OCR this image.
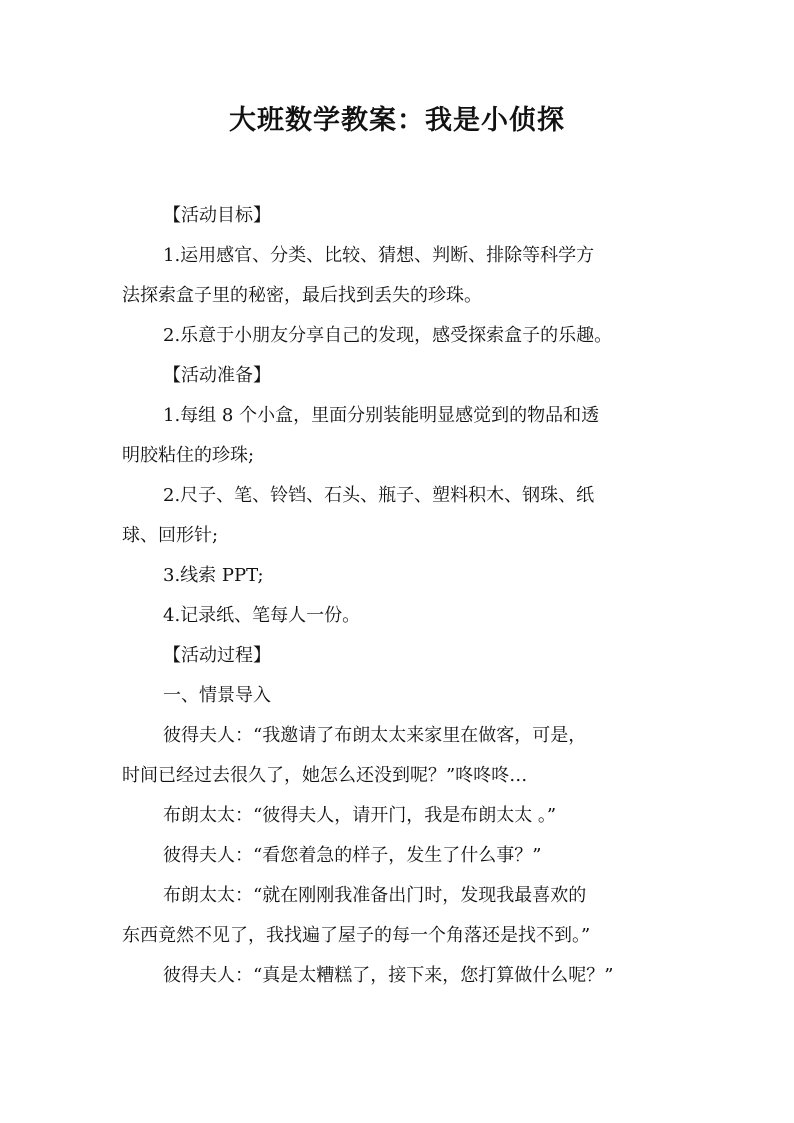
大班数学教案：我是小侦探

【活动目标】

1.运用感官、分类、比较、猜想、判断、排除等科学方

法探索盒子里的秘密，最后找到丢失的珍珠。

2.乐意于小朋友分享自己的发现，感受探索盒子的乐趣。

【活动准备】

1.每组 8 个小盒，里面分别装能明显感觉到的物品和透

明胶粘住的珍珠;

2.尺子、笔、铃铛、石头、瓶子、塑料积木、钢珠、纸

球、回形针;

3.线索 PPT;

4.记录纸、笔每人一份。

【活动过程】

一、情景导入

彼得夫人：“我邀请了布朗太太来家里在做客，可是，

时间已经过去很久了，她怎么还没到呢？”咚咚咚…

布朗太太：“彼得夫人，请开门，我是布朗太太 。”

彼得夫人：“看您着急的样子，发生了什么事？”

布朗太太：“就在刚刚我准备出门时，发现我最喜欢的

东西竟然不见了，我找遍了屋子的每一个角落还是找不到。”

彼得夫人：“真是太糟糕了，接下来，您打算做什么呢？”
